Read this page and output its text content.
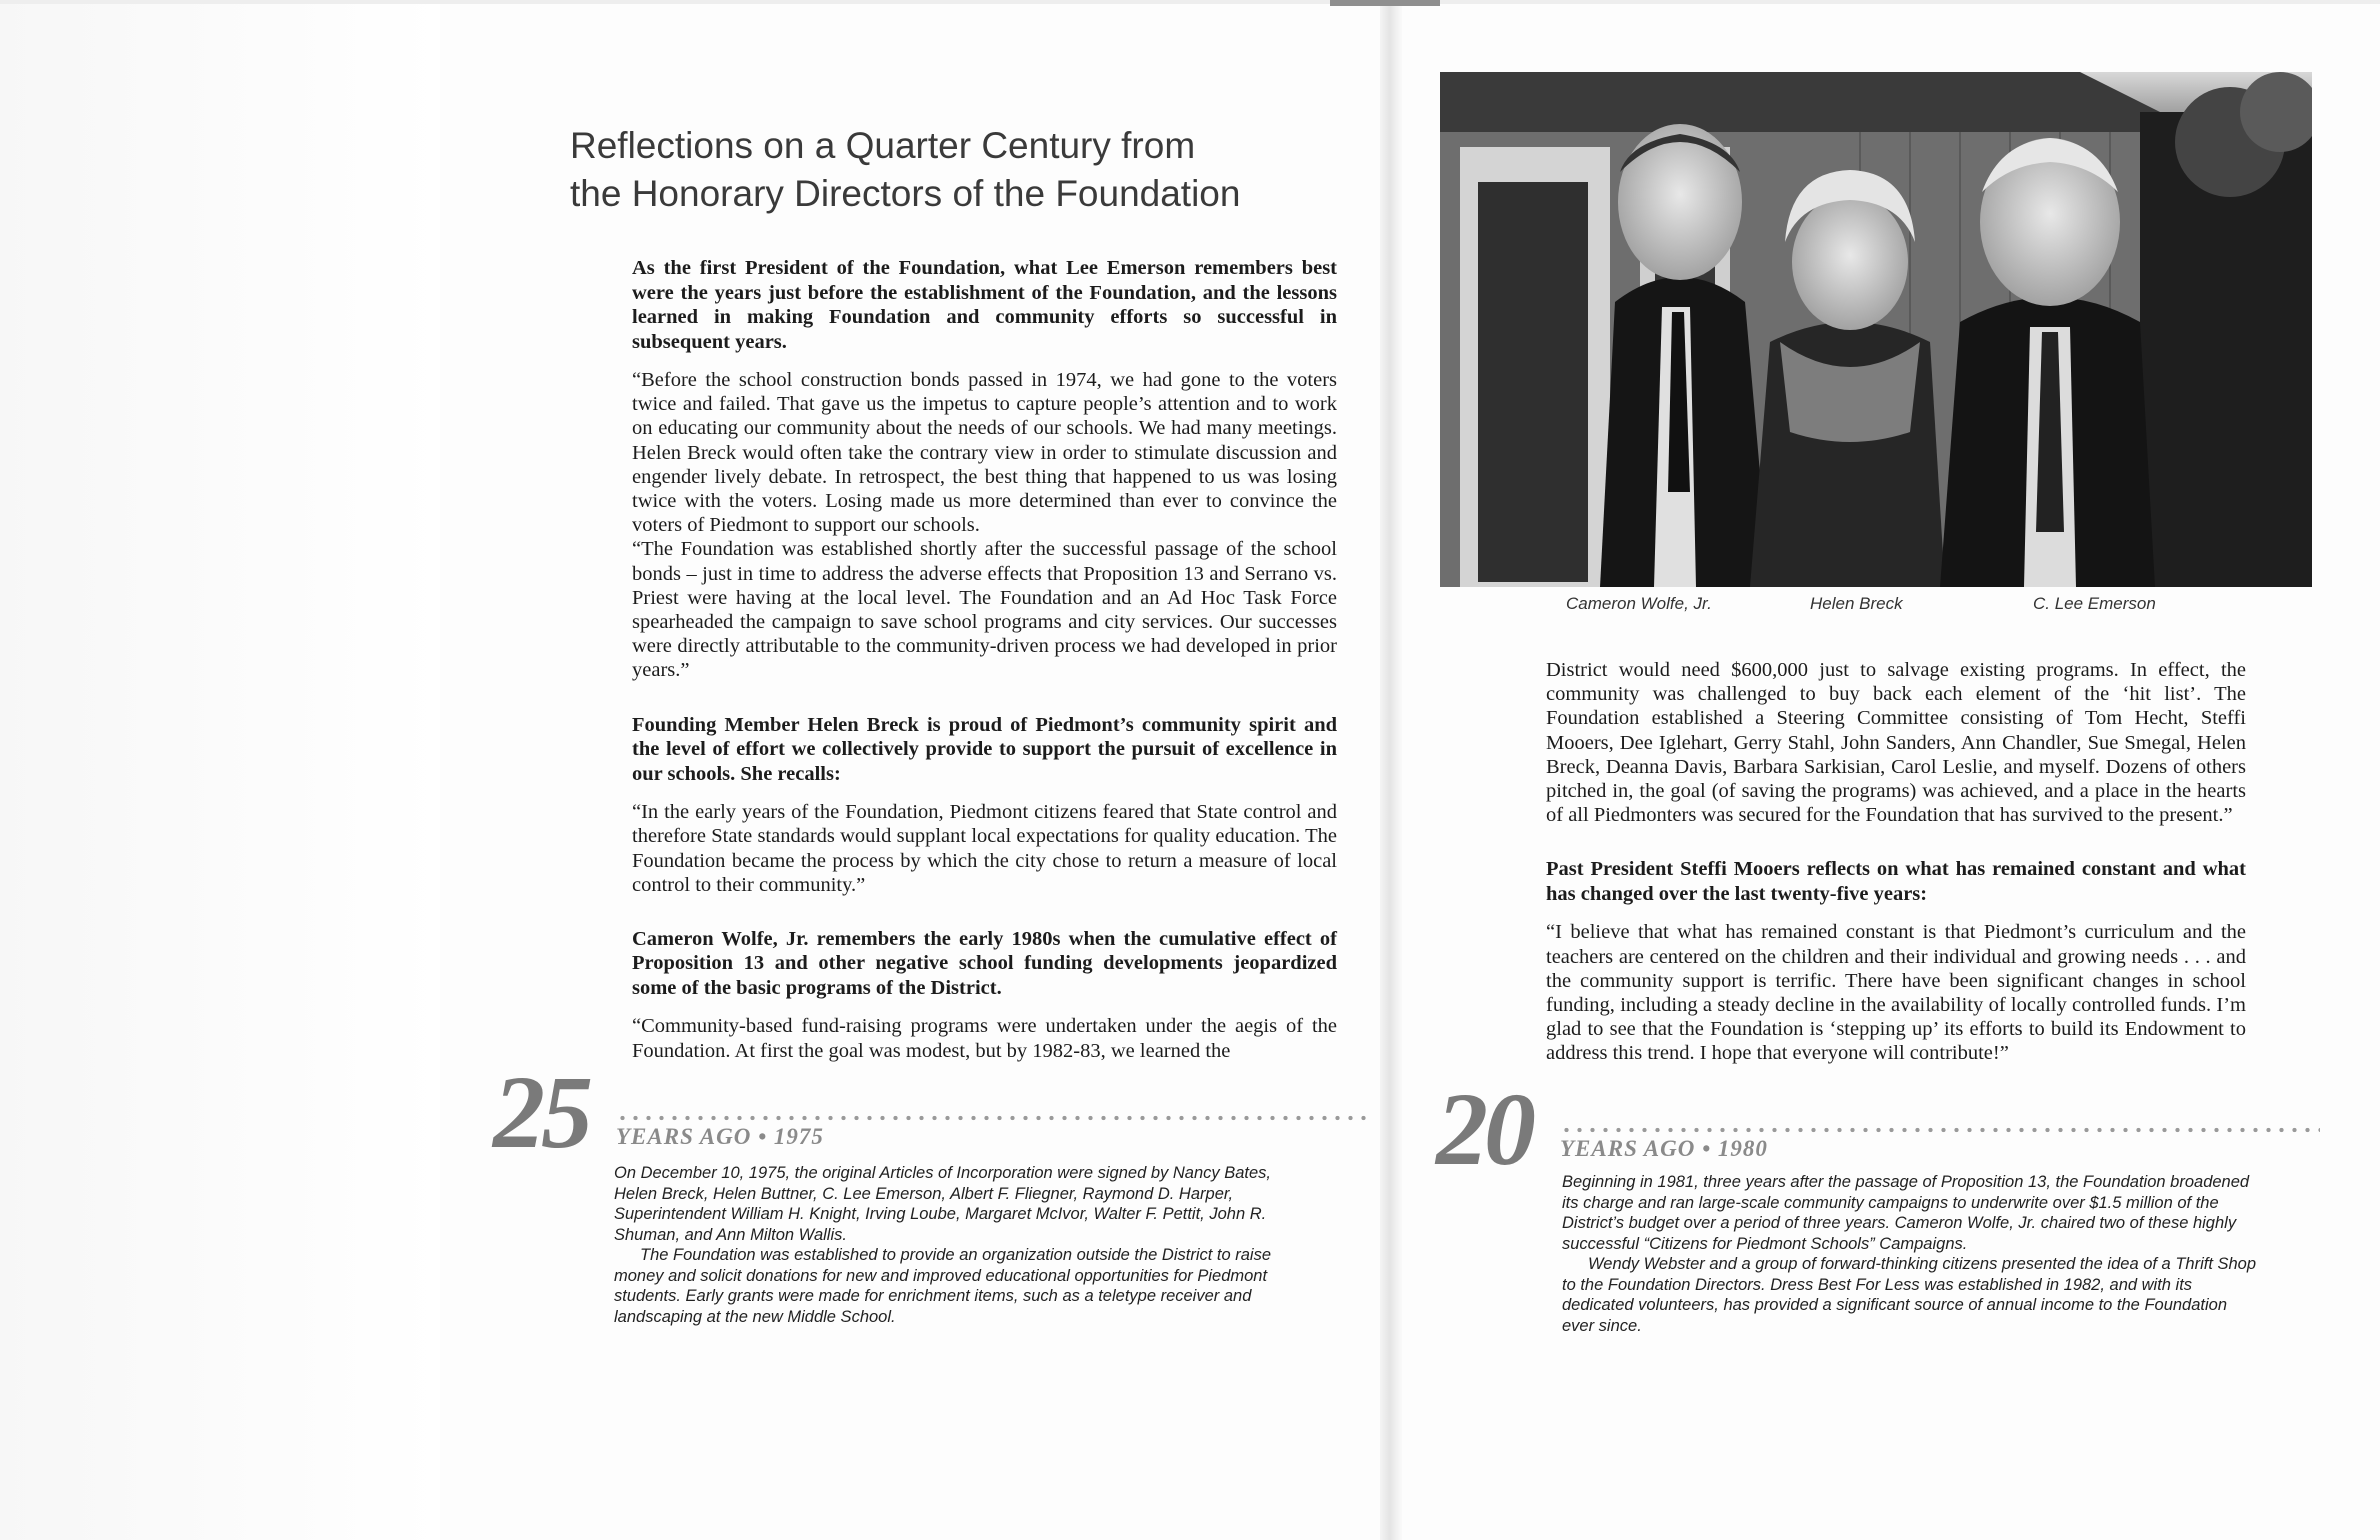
Reflections on a Quarter Century from
the Honorary Directors of the Foundation

As the first President of the Foundation, what Lee Emerson remembers best were the years just before the establishment of the Foundation, and the lessons learned in making Foundation and community efforts so successful in subsequent years.

“Before the school construction bonds passed in 1974, we had gone to the voters twice and failed. That gave us the impetus to capture people’s attention and to work on educating our community about the needs of our schools. We had many meetings. Helen Breck would often take the contrary view in order to stimulate discussion and engender lively debate. In retrospect, the best thing that happened to us was losing twice with the voters. Losing made us more determined than ever to convince the voters of Piedmont to support our schools.

“The Foundation was established shortly after the successful passage of the school bonds – just in time to address the adverse effects that Proposition 13 and Serrano vs. Priest were having at the local level. The Foundation and an Ad Hoc Task Force spearheaded the campaign to save school programs and city services. Our successes were directly attributable to the community-driven process we had developed in prior years.”

Founding Member Helen Breck is proud of Piedmont’s community spirit and the level of effort we collectively provide to support the pursuit of excellence in our schools. She recalls:

“In the early years of the Foundation, Piedmont citizens feared that State control and therefore State standards would supplant local expectations for quality education. The Foundation became the process by which the city chose to return a measure of local control to their community.”

Cameron Wolfe, Jr. remembers the early 1980s when the cumulative effect of Proposition 13 and other negative school funding developments jeopardized some of the basic programs of the District.

“Community-based fund-raising programs were undertaken under the aegis of the Foundation. At first the goal was modest, but by 1982-83, we learned the

25 YEARS AGO • 1975

On December 10, 1975, the original Articles of Incorporation were signed by Nancy Bates, Helen Breck, Helen Buttner, C. Lee Emerson, Albert F. Fliegner, Raymond D. Harper, Superintendent William H. Knight, Irving Loube, Margaret McIvor, Walter F. Pettit, John R. Shuman, and Ann Milton Wallis.

The Foundation was established to provide an organization outside the District to raise money and solicit donations for new and improved educational opportunities for Piedmont students. Early grants were made for enrichment items, such as a teletype receiver and landscaping at the new Middle School.

Cameron Wolfe, Jr.	Helen Breck	C. Lee Emerson

District would need $600,000 just to salvage existing programs. In effect, the community was challenged to buy back each element of the ‘hit list’. The Foundation established a Steering Committee consisting of Tom Hecht, Steffi Mooers, Dee Iglehart, Gerry Stahl, John Sanders, Ann Chandler, Sue Smegal, Helen Breck, Deanna Davis, Barbara Sarkisian, Carol Leslie, and myself. Dozens of others pitched in, the goal (of saving the programs) was achieved, and a place in the hearts of all Piedmonters was secured for the Foundation that has survived to the present.”

Past President Steffi Mooers reflects on what has remained constant and what has changed over the last twenty-five years:

“I believe that what has remained constant is that Piedmont’s curriculum and the teachers are centered on the children and their individual and growing needs . . . and the community support is terrific. There have been significant changes in school funding, including a steady decline in the availability of locally controlled funds. I’m glad to see that the Foundation is ‘stepping up’ its efforts to build its Endowment to address this trend. I hope that everyone will contribute!”

20 YEARS AGO • 1980

Beginning in 1981, three years after the passage of Proposition 13, the Foundation broadened its charge and ran large-scale community campaigns to underwrite over $1.5 million of the District’s budget over a period of three years. Cameron Wolfe, Jr. chaired two of these highly successful “Citizens for Piedmont Schools” Campaigns.

Wendy Webster and a group of forward-thinking citizens presented the idea of a Thrift Shop to the Foundation Directors. Dress Best For Less was established in 1982, and with its dedicated volunteers, has provided a significant source of annual income to the Foundation ever since.
